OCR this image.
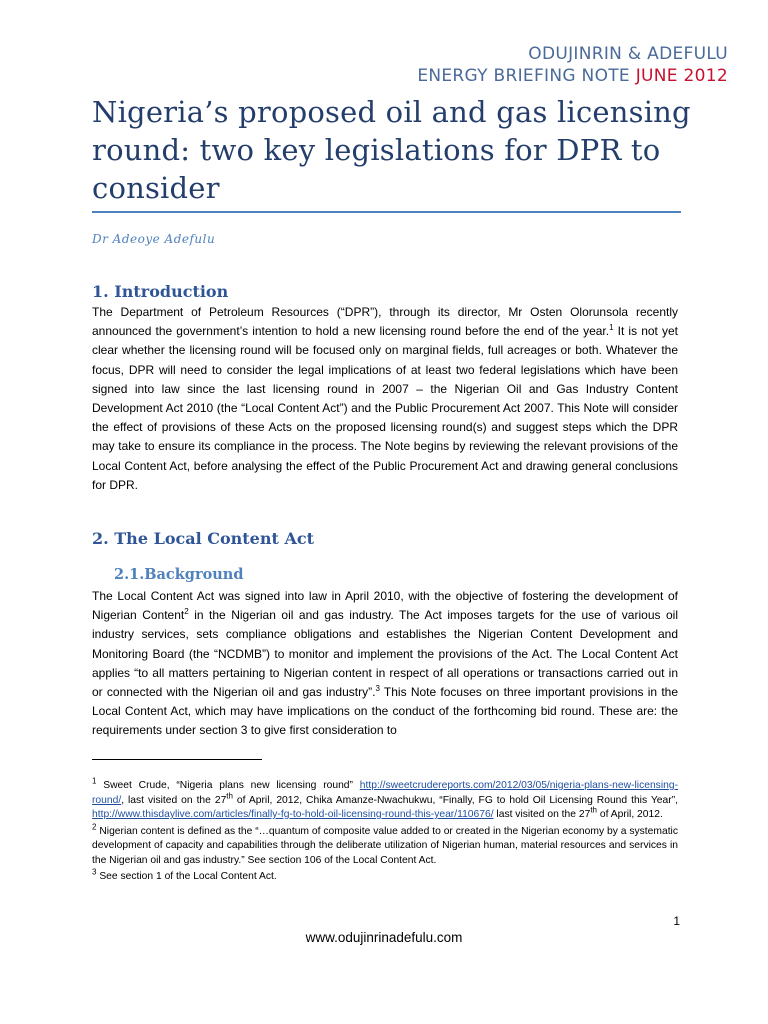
ODUJINRIN & ADEFULU
ENERGY BRIEFING NOTE JUNE 2012
Nigeria’s proposed oil and gas licensing
round: two key legislations for DPR to
consider
Dr Adeoye Adefulu
1. Introduction

The Department of Petroleum Resources (“DPR”), through its director, Mr Osten Olorunsola recently announced the government’s intention to hold a new licensing round before the end of the year.$^1$ It is not yet clear whether the licensing round will be focused only on marginal fields, full acreages or both. Whatever the focus, DPR will need to consider the legal implications of at least two federal legislations which have been signed into law since the last licensing round in 2007 – the Nigerian Oil and Gas Industry Content Development Act 2010 (the “Local Content Act”) and the Public Procurement Act 2007. This Note will consider the effect of provisions of these Acts on the proposed licensing round(s) and suggest steps which the DPR may take to ensure its compliance in the process. The Note begins by reviewing the relevant provisions of the Local Content Act, before analysing the effect of the Public Procurement Act and drawing general conclusions for DPR.

2. The Local Content Act
2.1.Background

The Local Content Act was signed into law in April 2010, with the objective of fostering the development of Nigerian Content$^2$ in the Nigerian oil and gas industry. The Act imposes targets for the use of various oil industry services, sets compliance obligations and establishes the Nigerian Content Development and Monitoring Board (the “NCDMB”) to monitor and implement the provisions of the Act. The Local Content Act applies “to all matters pertaining to Nigerian content in respect of all operations or transactions carried out in or connected with the Nigerian oil and gas industry”.$^3$ This Note focuses on three important provisions in the Local Content Act, which may have implications on the conduct of the forthcoming bid round. These are: the requirements under section 3 to give first consideration to

$^1$ Sweet Crude, “Nigeria plans new licensing round” http://sweetcrudereports.com/2012/03/05/nigeria-plans-new-licensing-round/, last visited on the 27th of April, 2012, Chika Amanze-Nwachukwu, “Finally, FG to hold Oil Licensing Round this Year”, http://www.thisdaylive.com/articles/finally-fg-to-hold-oil-licensing-round-this-year/110676/ last visited on the 27th of April, 2012.

$^2$ Nigerian content is defined as the “…quantum of composite value added to or created in the Nigerian economy by a systematic development of capacity and capabilities through the deliberate utilization of Nigerian human, material resources and services in the Nigerian oil and gas industry.” See section 106 of the Local Content Act.

$^3$ See section 1 of the Local Content Act.

1
www.odujinrinadefulu.com
